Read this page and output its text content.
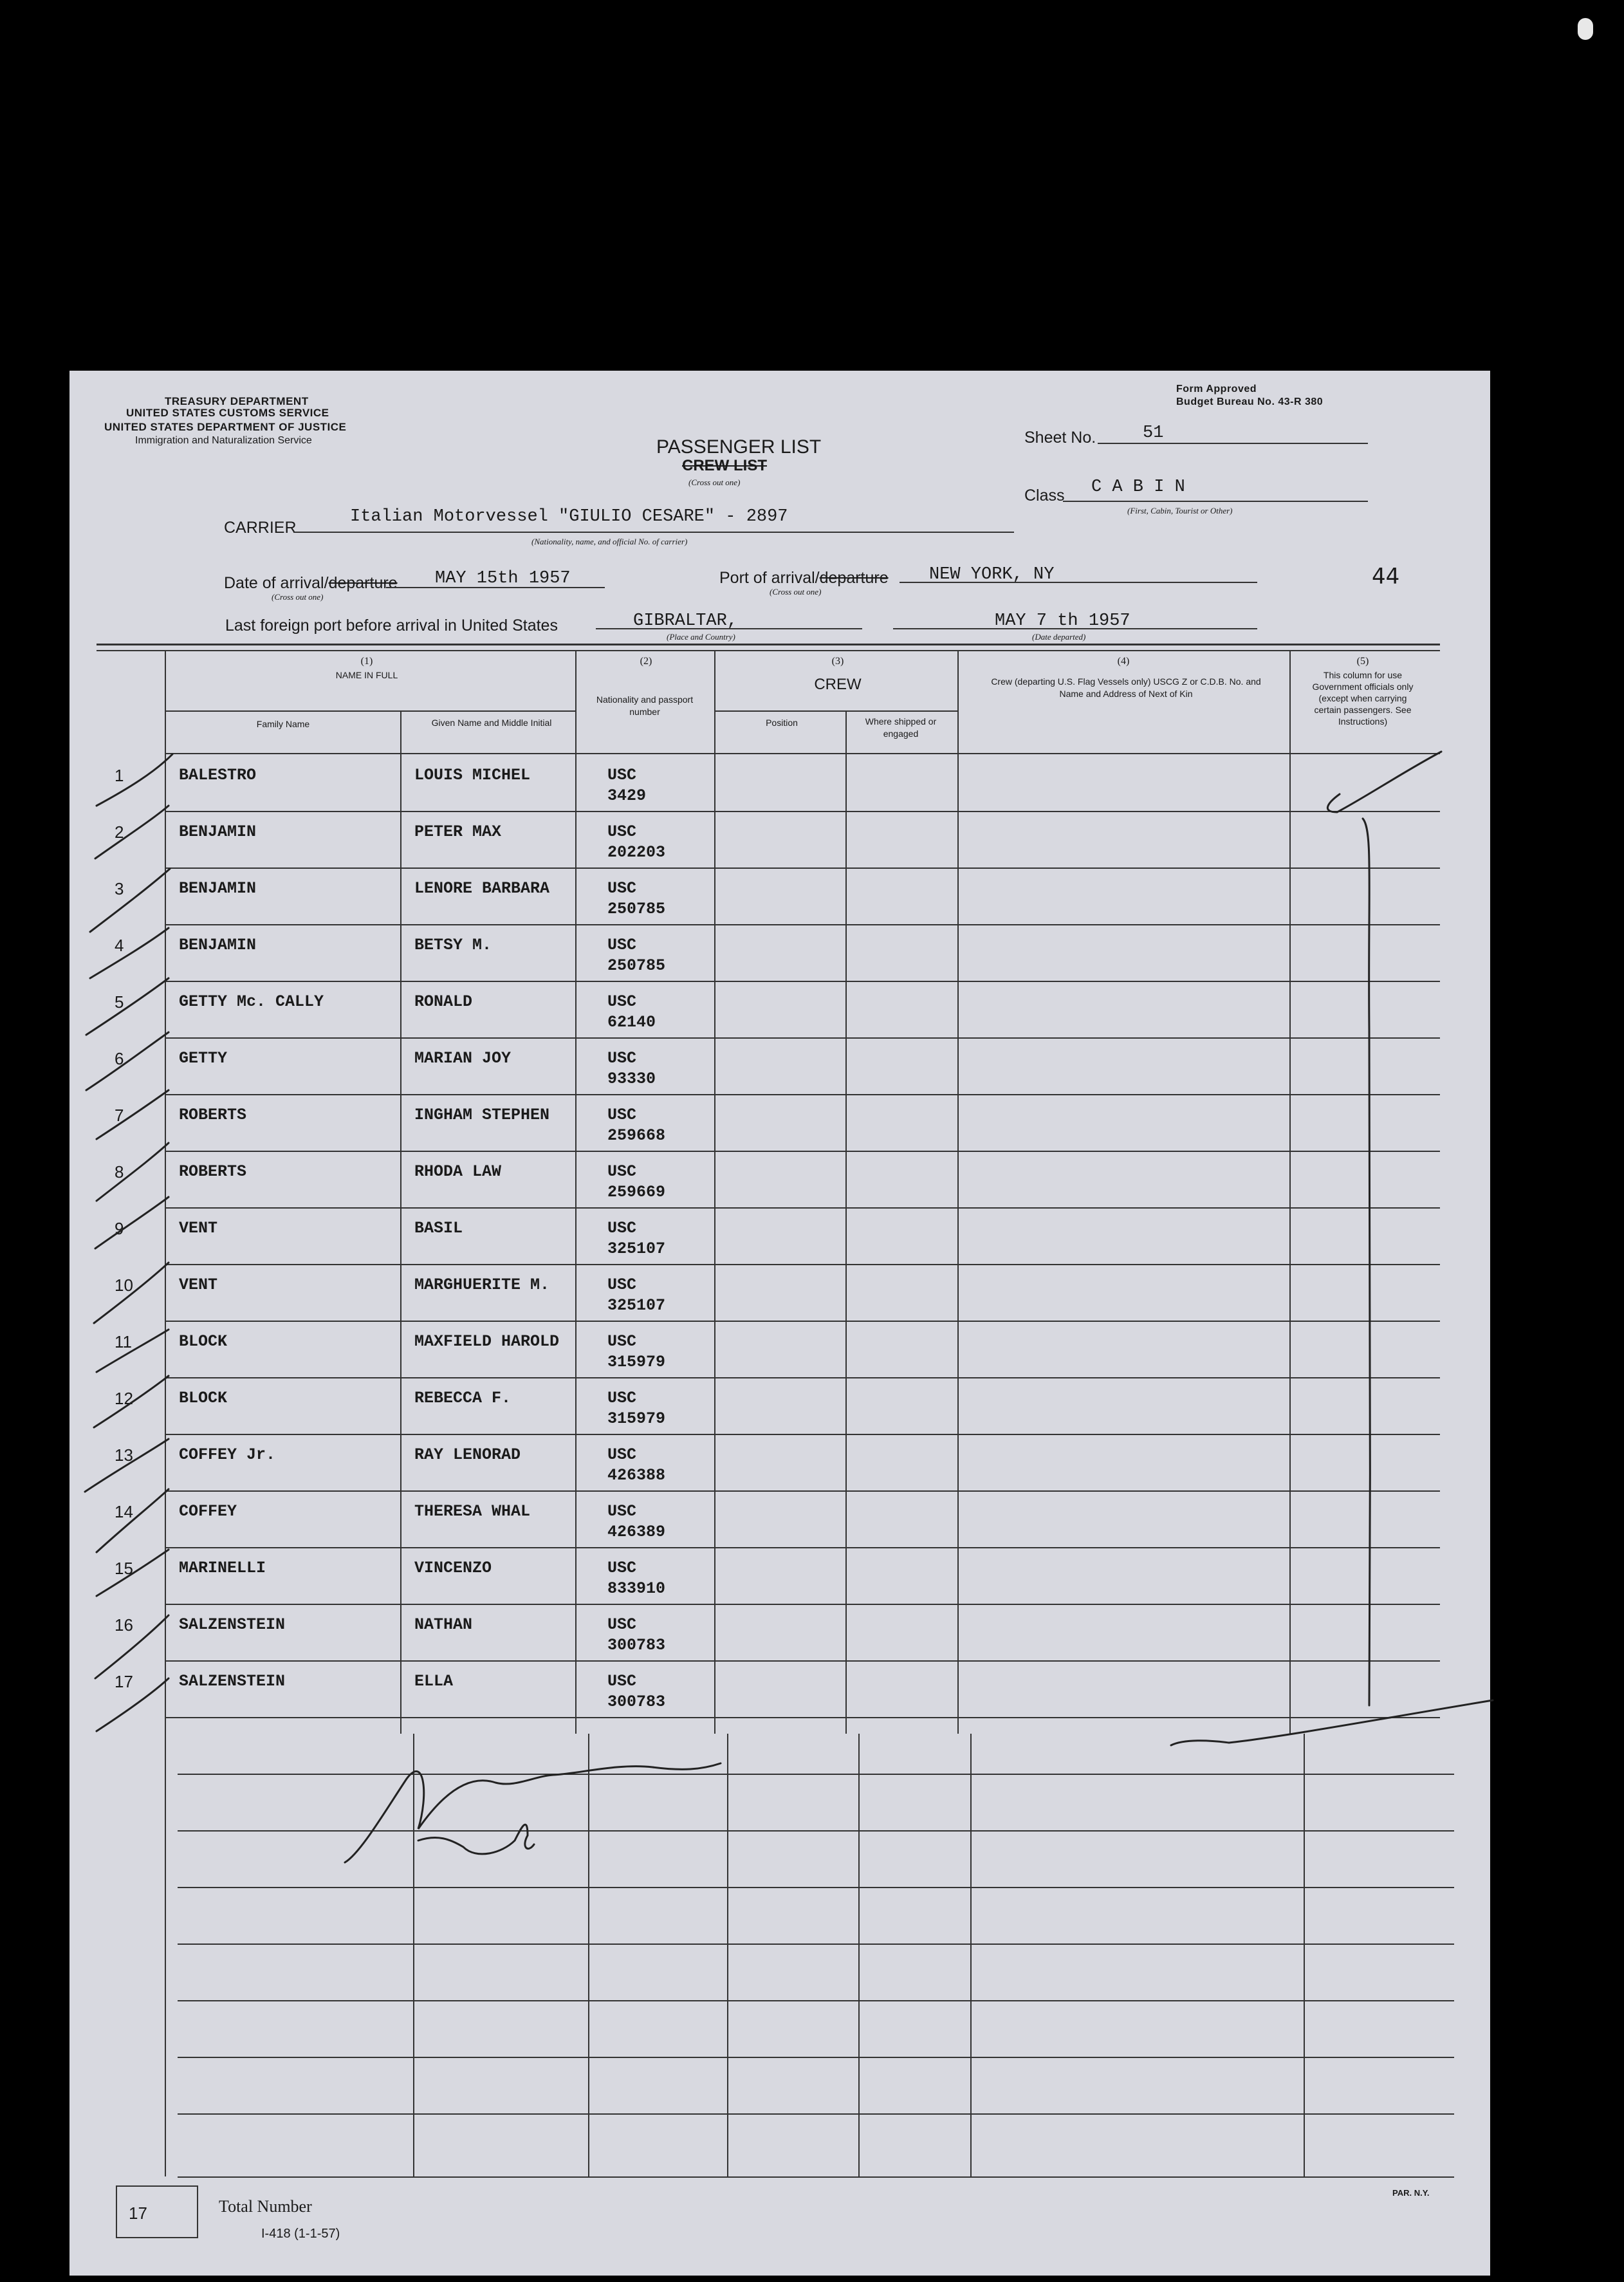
TREASURY DEPARTMENT
UNITED STATES CUSTOMS SERVICE
UNITED STATES DEPARTMENT OF JUSTICE
Immigration and Naturalization Service
Form Approved
Budget Bureau No. 43-R 380
PASSENGER LIST
CREW LIST
(Cross out one)
Sheet No.	51
Class C A B I N
(First, Cabin, Tourist or Other)
CARRIER
Italian Motorvessel "GIULIO CESARE" - 2897
(Nationality, name, and official No. of carrier)
Date of arrival/departure MAY 15th 1957
(Cross out one)
Port of arrival/departure NEW YORK, NY
(Cross out one)
44
Last foreign port before arrival in United States	GIBRALTAR,
(Place and Country)
MAY 7 th 1957
(Date departed)
(1)
NAME IN FULL
Family Name	Given Name and Middle Initial
(2)
Nationality and passport number
(3)
CREW
Position	Where shipped or engaged
(4)
Crew (departing U.S. Flag Vessels only) USCG Z or C.D.B. No. and Name and Address of Next of Kin
(5)
This column for use Government officials only (except when carrying certain passengers. See Instructions)
1	BALESTRO	LOUIS MICHEL	USC
3429
2	BENJAMIN	PETER MAX	USC
202203
3	BENJAMIN	LENORE BARBARA	USC
250785
4	BENJAMIN	BETSY M.	USC
250785
5	GETTY Mc. CALLY	RONALD	USC
62140
6	GETTY	MARIAN JOY	USC
93330
7	ROBERTS	INGHAM STEPHEN	USC
259668
8	ROBERTS	RHODA LAW	USC
259669
9	VENT	BASIL	USC
325107
10	VENT	MARGHUERITE M.	USC
325107
11	BLOCK	MAXFIELD HAROLD	USC
315979
12	BLOCK	REBECCA F.	USC
315979
13	COFFEY Jr.	RAY LENORAD	USC
426388
14	COFFEY	THERESA WHAL	USC
426389
15	MARINELLI	VINCENZO	USC
833910
16	SALZENSTEIN	NATHAN	USC
300783
17	SALZENSTEIN	ELLA	USC
300783
17	Total Number
I-418 (1-1-57)
PAR. N.Y.
